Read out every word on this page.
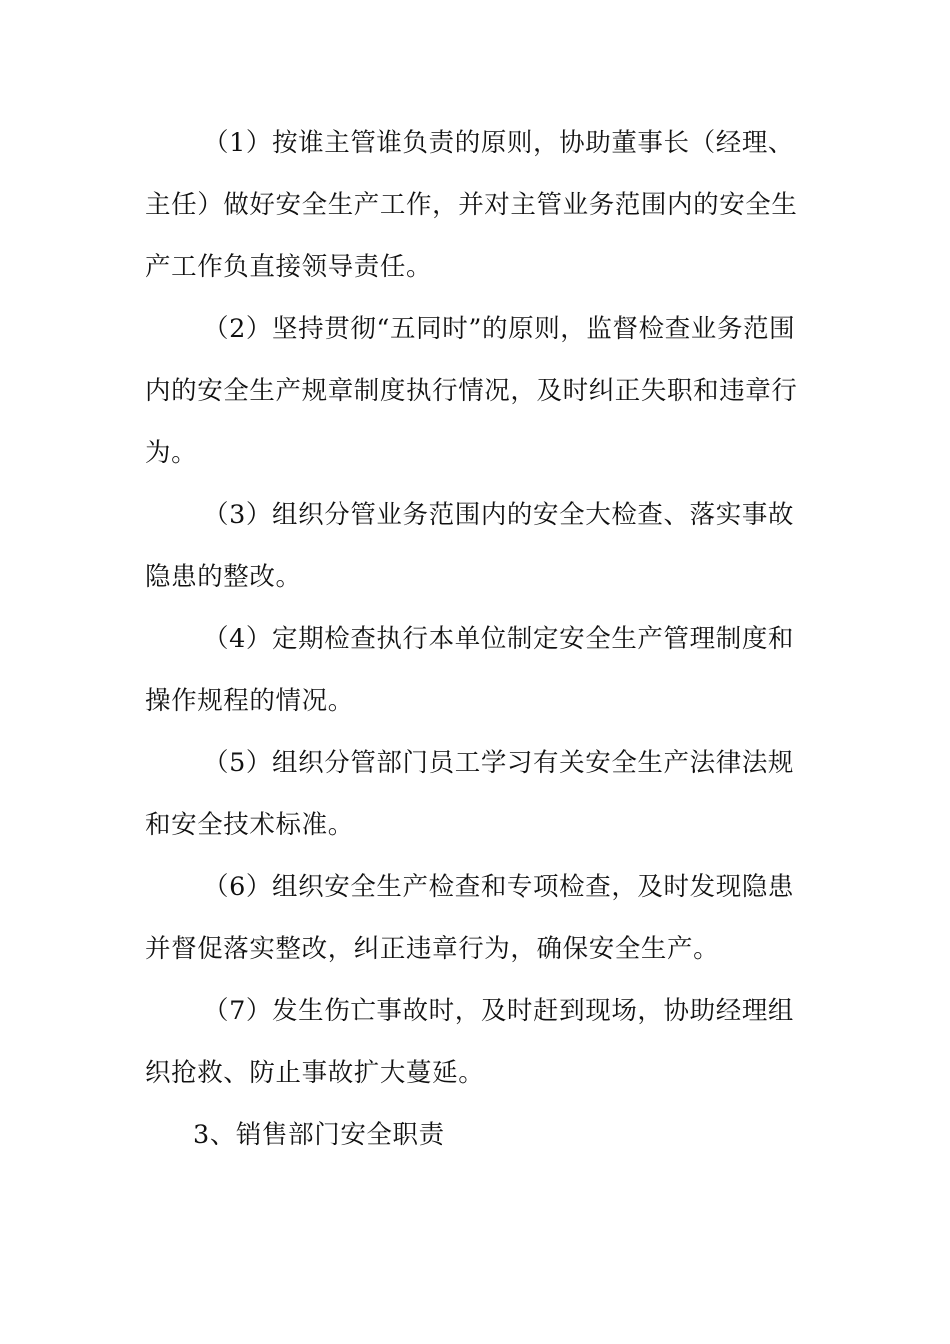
（1）按谁主管谁负责的原则，协助董事长（经理、主任）做好安全生产工作，并对主管业务范围内的安全生产工作负直接领导责任。

（2）坚持贯彻“五同时”的原则，监督检查业务范围内的安全生产规章制度执行情况，及时纠正失职和违章行为。

（3）组织分管业务范围内的安全大检查、落实事故隐患的整改。

（4）定期检查执行本单位制定安全生产管理制度和操作规程的情况。

（5）组织分管部门员工学习有关安全生产法律法规和安全技术标准。

（6）组织安全生产检查和专项检查，及时发现隐患并督促落实整改，纠正违章行为，确保安全生产。

（7）发生伤亡事故时，及时赶到现场，协助经理组织抢救、防止事故扩大蔓延。

3、销售部门安全职责
